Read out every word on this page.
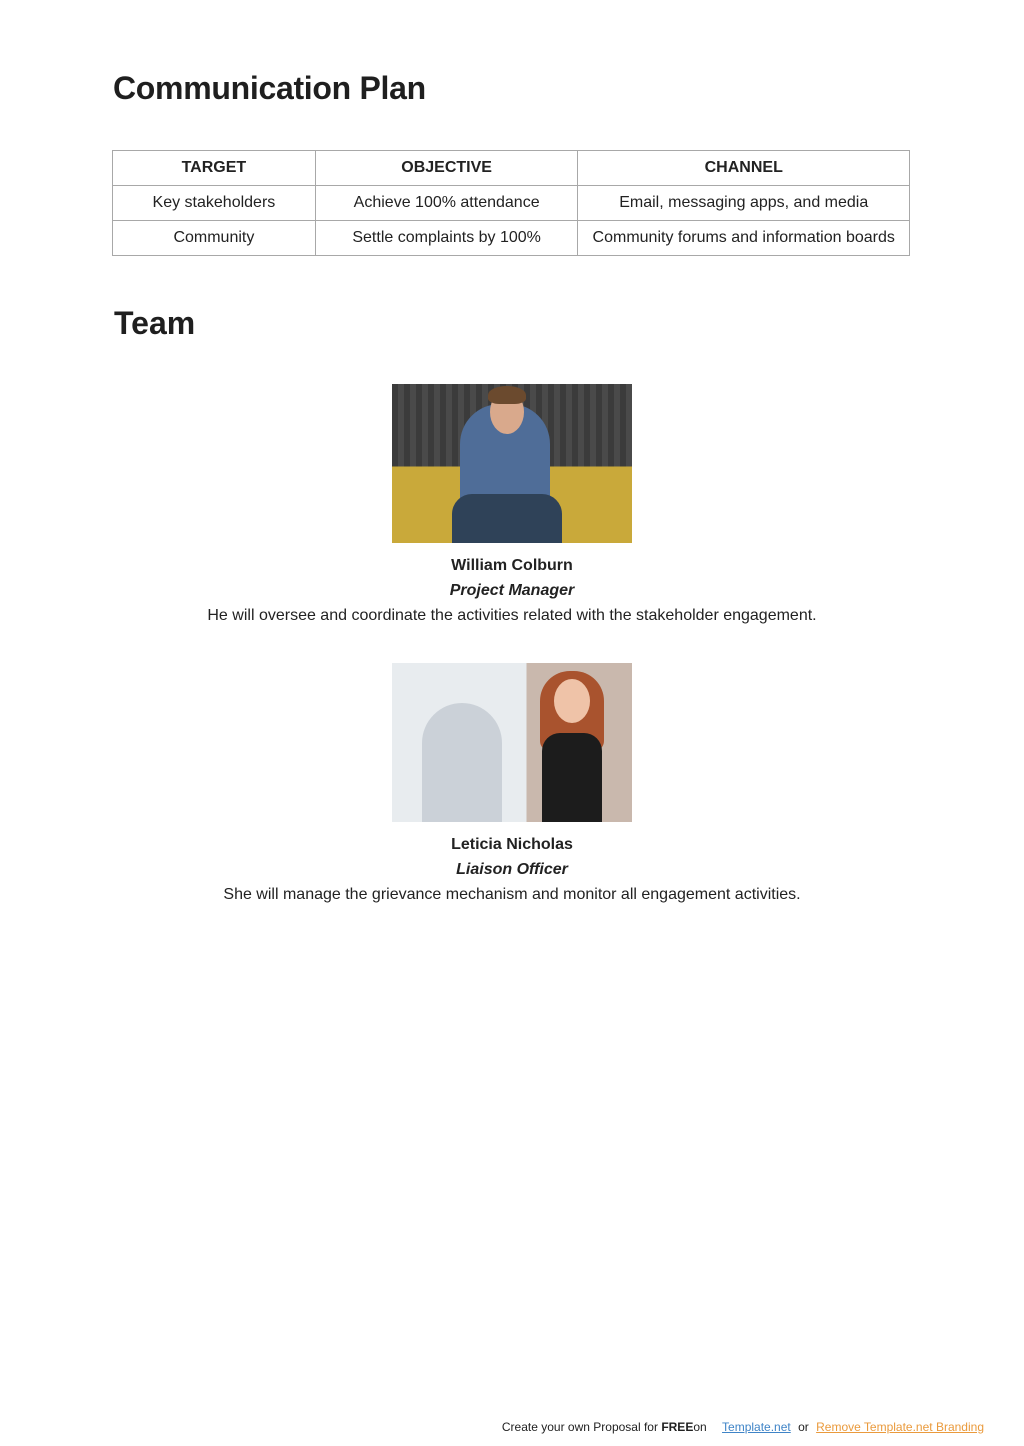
Communication Plan
TARGET	OBJECTIVE	CHANNEL
Key stakeholders	Achieve 100% attendance	Email, messaging apps, and media
Community	Settle complaints by 100%	Community forums and information boards
Team
William Colburn
Project Manager
He will oversee and coordinate the activities related with the stakeholder engagement.
Leticia Nicholas
Liaison Officer
She will manage the grievance mechanism and monitor all engagement activities.
Create your own Proposal for FREEon Template.net or Remove Template.net Branding
